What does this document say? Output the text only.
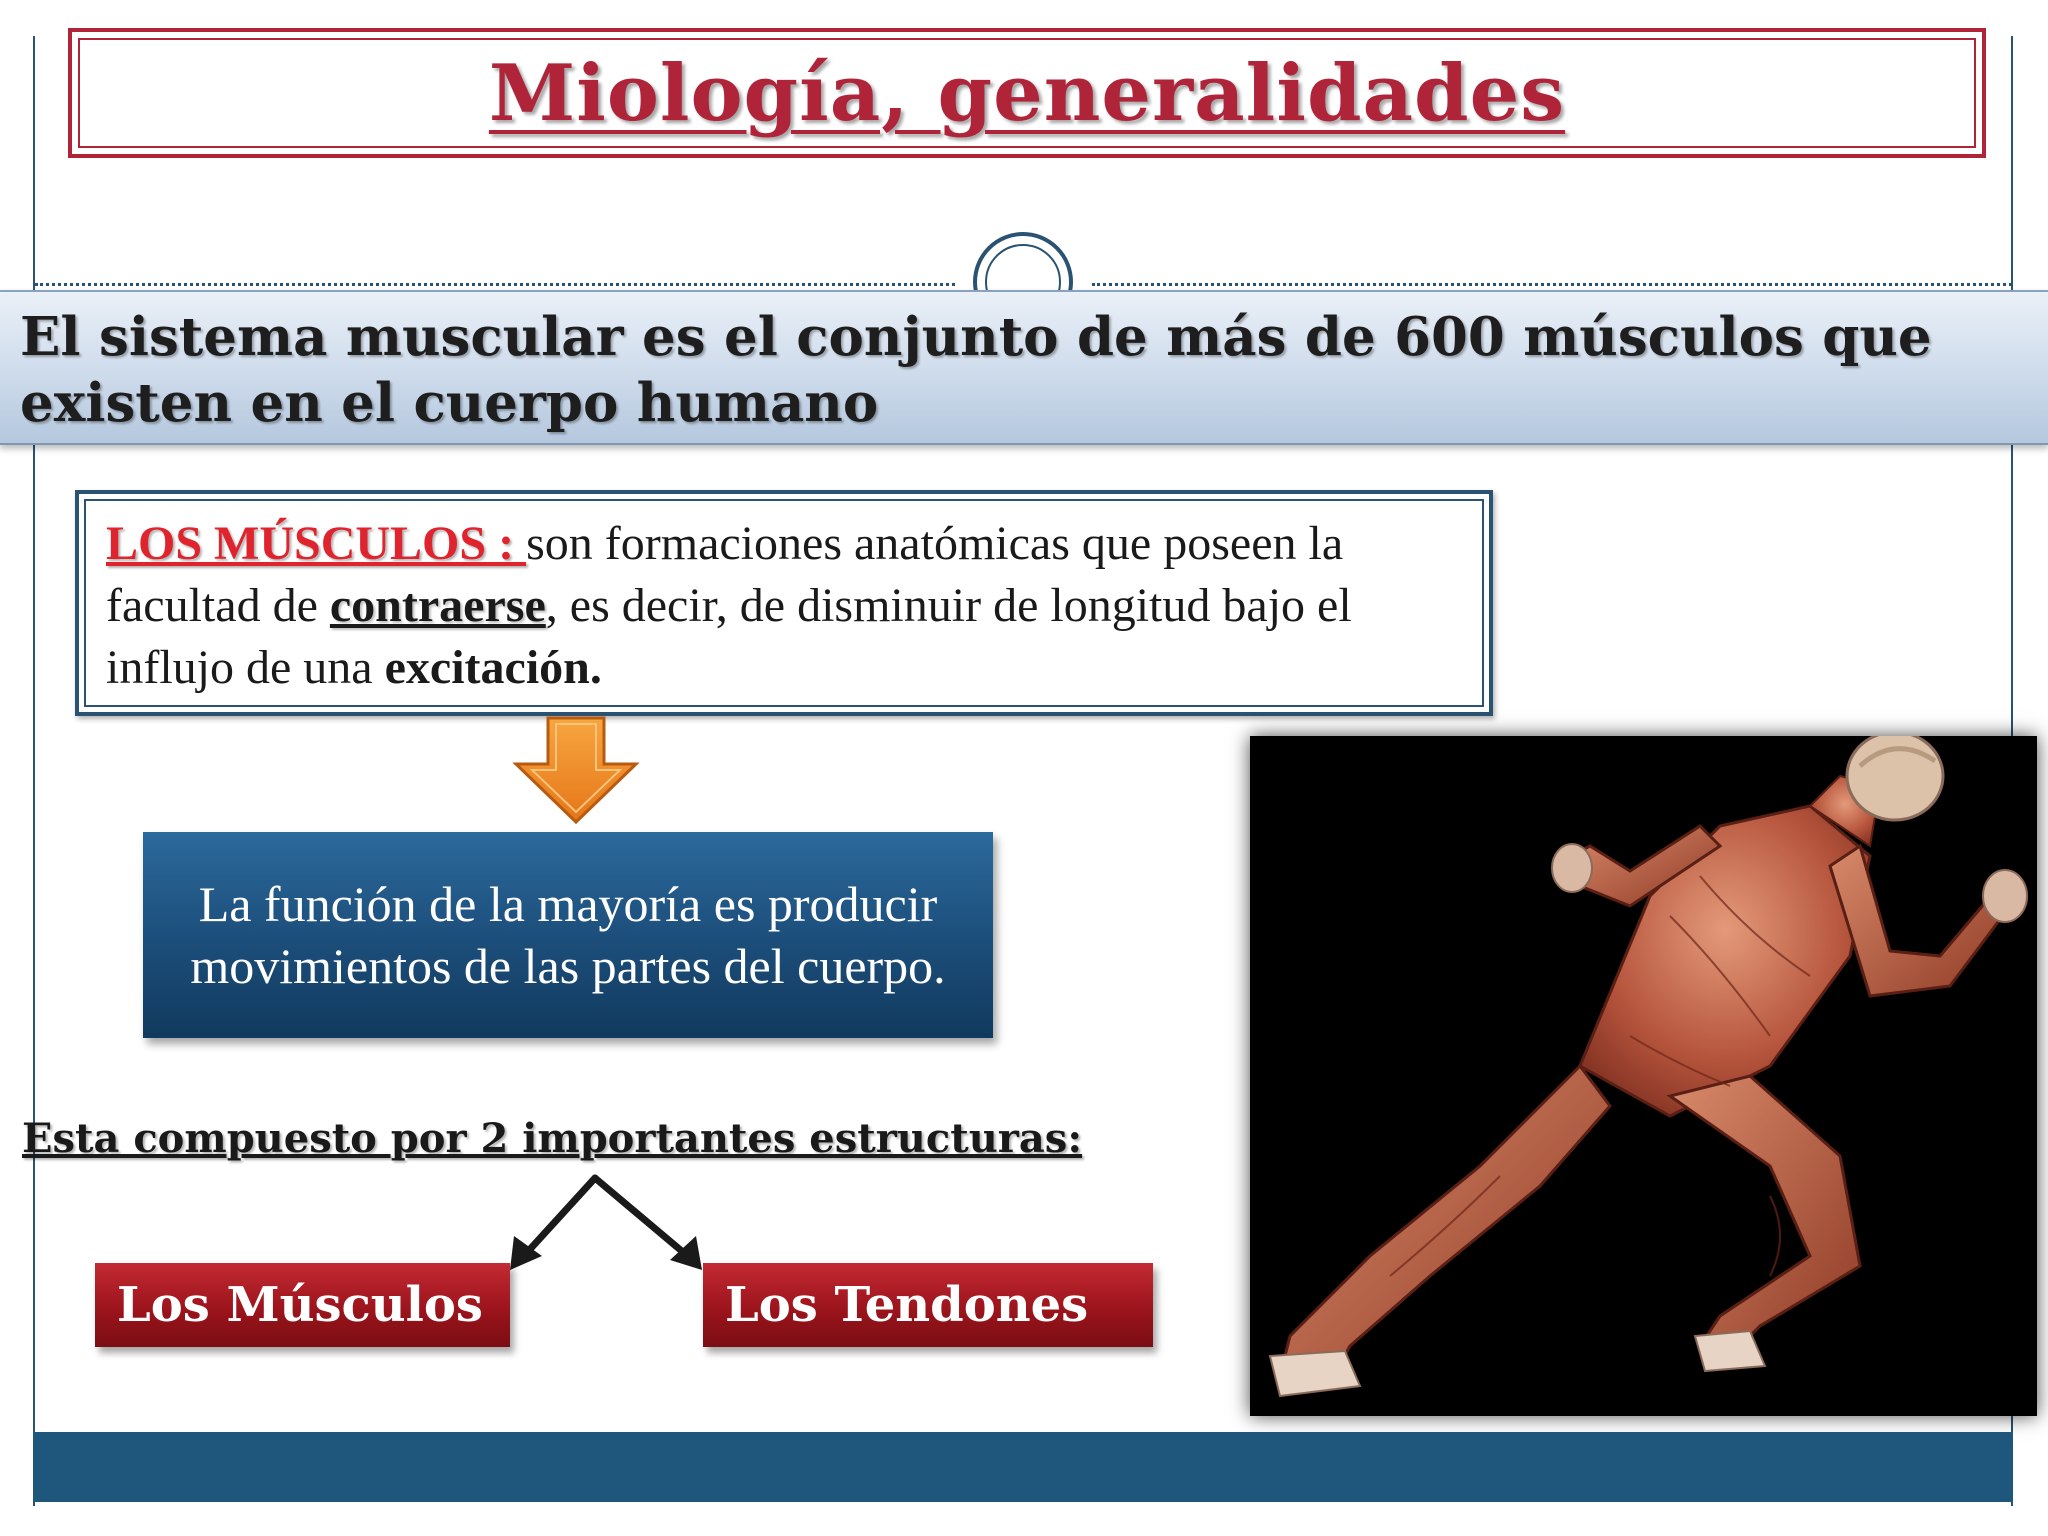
Miología, generalidades

El sistema muscular es el conjunto de más de 600 músculos que existen en el cuerpo humano

LOS MÚSCULOS : son formaciones anatómicas que poseen la facultad de contraerse, es decir, de disminuir de longitud bajo el influjo de una excitación.

La función de la mayoría es producir movimientos de las partes del cuerpo.

Esta compuesto por 2 importantes estructuras:
Los Músculos	Los Tendones
